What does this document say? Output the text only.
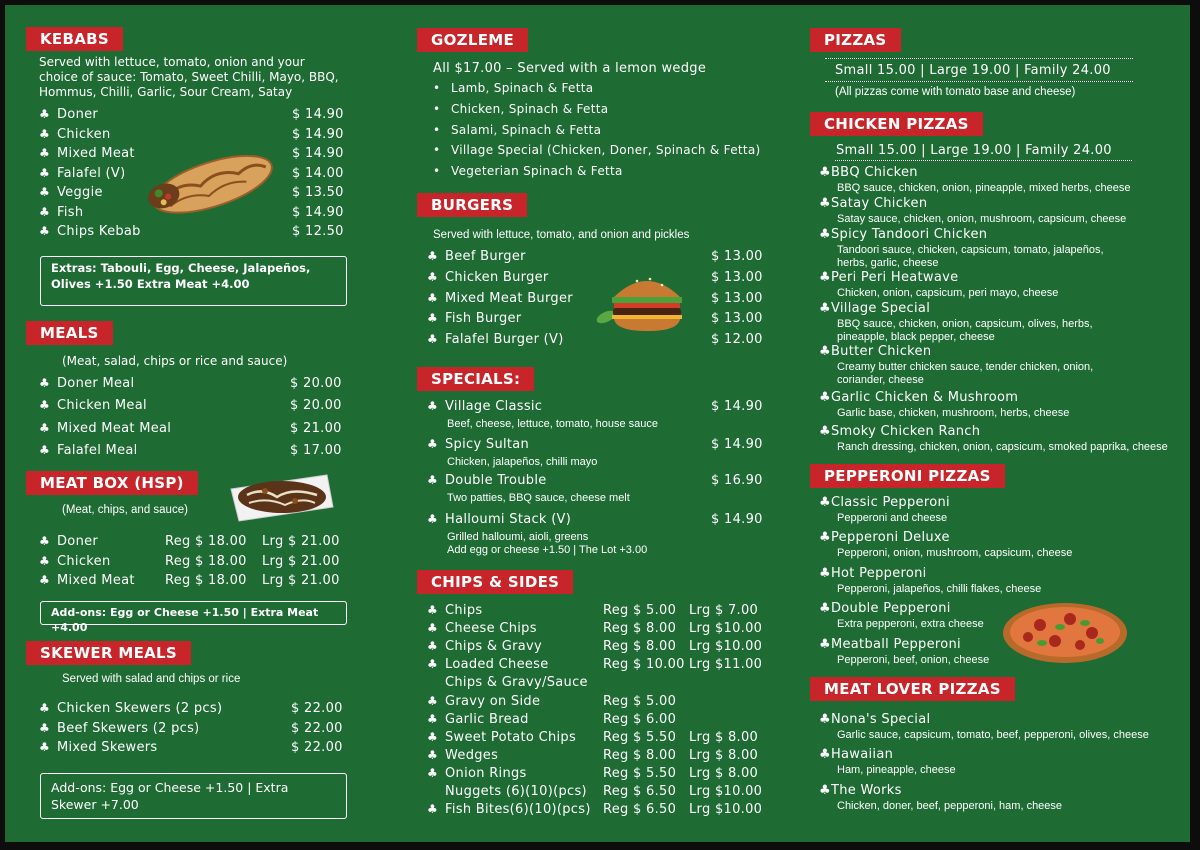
KEBABS
Served with lettuce, tomato, onion and your choice of sauce: Tomato, Sweet Chilli, Mayo, BBQ, Hommus, Chilli, Garlic, Sour Cream, Satay
♣ Doner	$ 14.90
♣ Chicken	$ 14.90
♣ Mixed Meat	$ 14.90
♣ Falafel (V)	$ 14.00
♣ Veggie	$ 13.50
♣ Fish	$ 14.90
♣ Chips Kebab	$ 12.50
Extras: Tabouli, Egg, Cheese, Jalapeños, Olives +1.50 Extra Meat +4.00
MEALS
(Meat, salad, chips or rice and sauce)
♣ Doner Meal	$ 20.00
♣ Chicken Meal	$ 20.00
♣ Mixed Meat Meal	$ 21.00
♣ Falafel Meal	$ 17.00
MEAT BOX (HSP)
(Meat, chips, and sauce)
♣ Doner	Reg $ 18.00 Lrg $ 21.00
♣ Chicken	Reg $ 18.00 Lrg $ 21.00
♣ Mixed Meat Reg $ 18.00 Lrg $ 21.00
Add-ons: Egg or Cheese +1.50 | Extra Meat +4.00
SKEWER MEALS
Served with salad and chips or rice
♣ Chicken Skewers (2 pcs)	$ 22.00
♣ Beef Skewers (2 pcs)	$ 22.00
♣ Mixed Skewers	$ 22.00
Add-ons: Egg or Cheese +1.50 | Extra Skewer +7.00
GOZLEME
All $17.00 – Served with a lemon wedge
• Lamb, Spinach & Fetta
• Chicken, Spinach & Fetta
• Salami, Spinach & Fetta
• Village Special (Chicken, Doner, Spinach & Fetta)
• Vegeterian Spinach & Fetta
BURGERS
Served with lettuce, tomato, and onion and pickles
♣ Beef Burger	$ 13.00
♣ Chicken Burger	$ 13.00
♣ Mixed Meat Burger	$ 13.00
♣ Fish Burger	$ 13.00
♣ Falafel Burger (V)	$ 12.00
SPECIALS:
♣ Village Classic	$ 14.90
Beef, cheese, lettuce, tomato, house sauce
♣ Spicy Sultan	$ 14.90
Chicken, jalapeños, chilli mayo
♣ Double Trouble	$ 16.90
Two patties, BBQ sauce, cheese melt
♣ Halloumi Stack (V)	$ 14.90
Grilled halloumi, aioli, greens
Add egg or cheese +1.50 | The Lot +3.00
CHIPS & SIDES
♣ Chips	Reg $ 5.00 Lrg $ 7.00
♣ Cheese Chips	Reg $ 8.00 Lrg $10.00
♣ Chips & Gravy	Reg $ 8.00 Lrg $10.00
♣ Loaded Cheese	Reg $ 10.00 Lrg $11.00
Chips & Gravy/Sauce
♣ Gravy on Side	Reg $ 5.00
♣ Garlic Bread	Reg $ 6.00
♣ Sweet Potato Chips Reg $ 5.50 Lrg $ 8.00
♣ Wedges	Reg $ 8.00 Lrg $ 8.00
♣ Onion Rings	Reg $ 5.50 Lrg $ 8.00
Nuggets (6)(10)(pcs) Reg $ 6.50 Lrg $10.00
♣ Fish Bites(6)(10)(pcs) Reg $ 6.50 Lrg $10.00
PIZZAS
Small 15.00 | Large 19.00 | Family 24.00
(All pizzas come with tomato base and cheese)
CHICKEN PIZZAS
Small 15.00 | Large 19.00 | Family 24.00
♣BBQ Chicken
BBQ sauce, chicken, onion, pineapple, mixed herbs, cheese
♣Satay Chicken
Satay sauce, chicken, onion, mushroom, capsicum, cheese
♣Spicy Tandoori Chicken
Tandoori sauce, chicken, capsicum, tomato, jalapeños,
herbs, garlic, cheese
♣Peri Peri Heatwave
Chicken, onion, capsicum, peri mayo, cheese
♣Village Special
BBQ sauce, chicken, onion, capsicum, olives, herbs,
pineapple, black pepper, cheese
♣Butter Chicken
Creamy butter chicken sauce, tender chicken, onion,
coriander, cheese
♣Garlic Chicken & Mushroom
Garlic base, chicken, mushroom, herbs, cheese
♣Smoky Chicken Ranch
Ranch dressing, chicken, onion, capsicum, smoked paprika, cheese
PEPPERONI PIZZAS
♣Classic Pepperoni
Pepperoni and cheese
♣Pepperoni Deluxe
Pepperoni, onion, mushroom, capsicum, cheese
♣Hot Pepperoni
Pepperoni, jalapeños, chilli flakes, cheese
♣Double Pepperoni
Extra pepperoni, extra cheese
♣Meatball Pepperoni
Pepperoni, beef, onion, cheese
MEAT LOVER PIZZAS
♣Nona's Special
Garlic sauce, capsicum, tomato, beef, pepperoni, olives, cheese
♣Hawaiian
Ham, pineapple, cheese
♣The Works
Chicken, doner, beef, pepperoni, ham, cheese
